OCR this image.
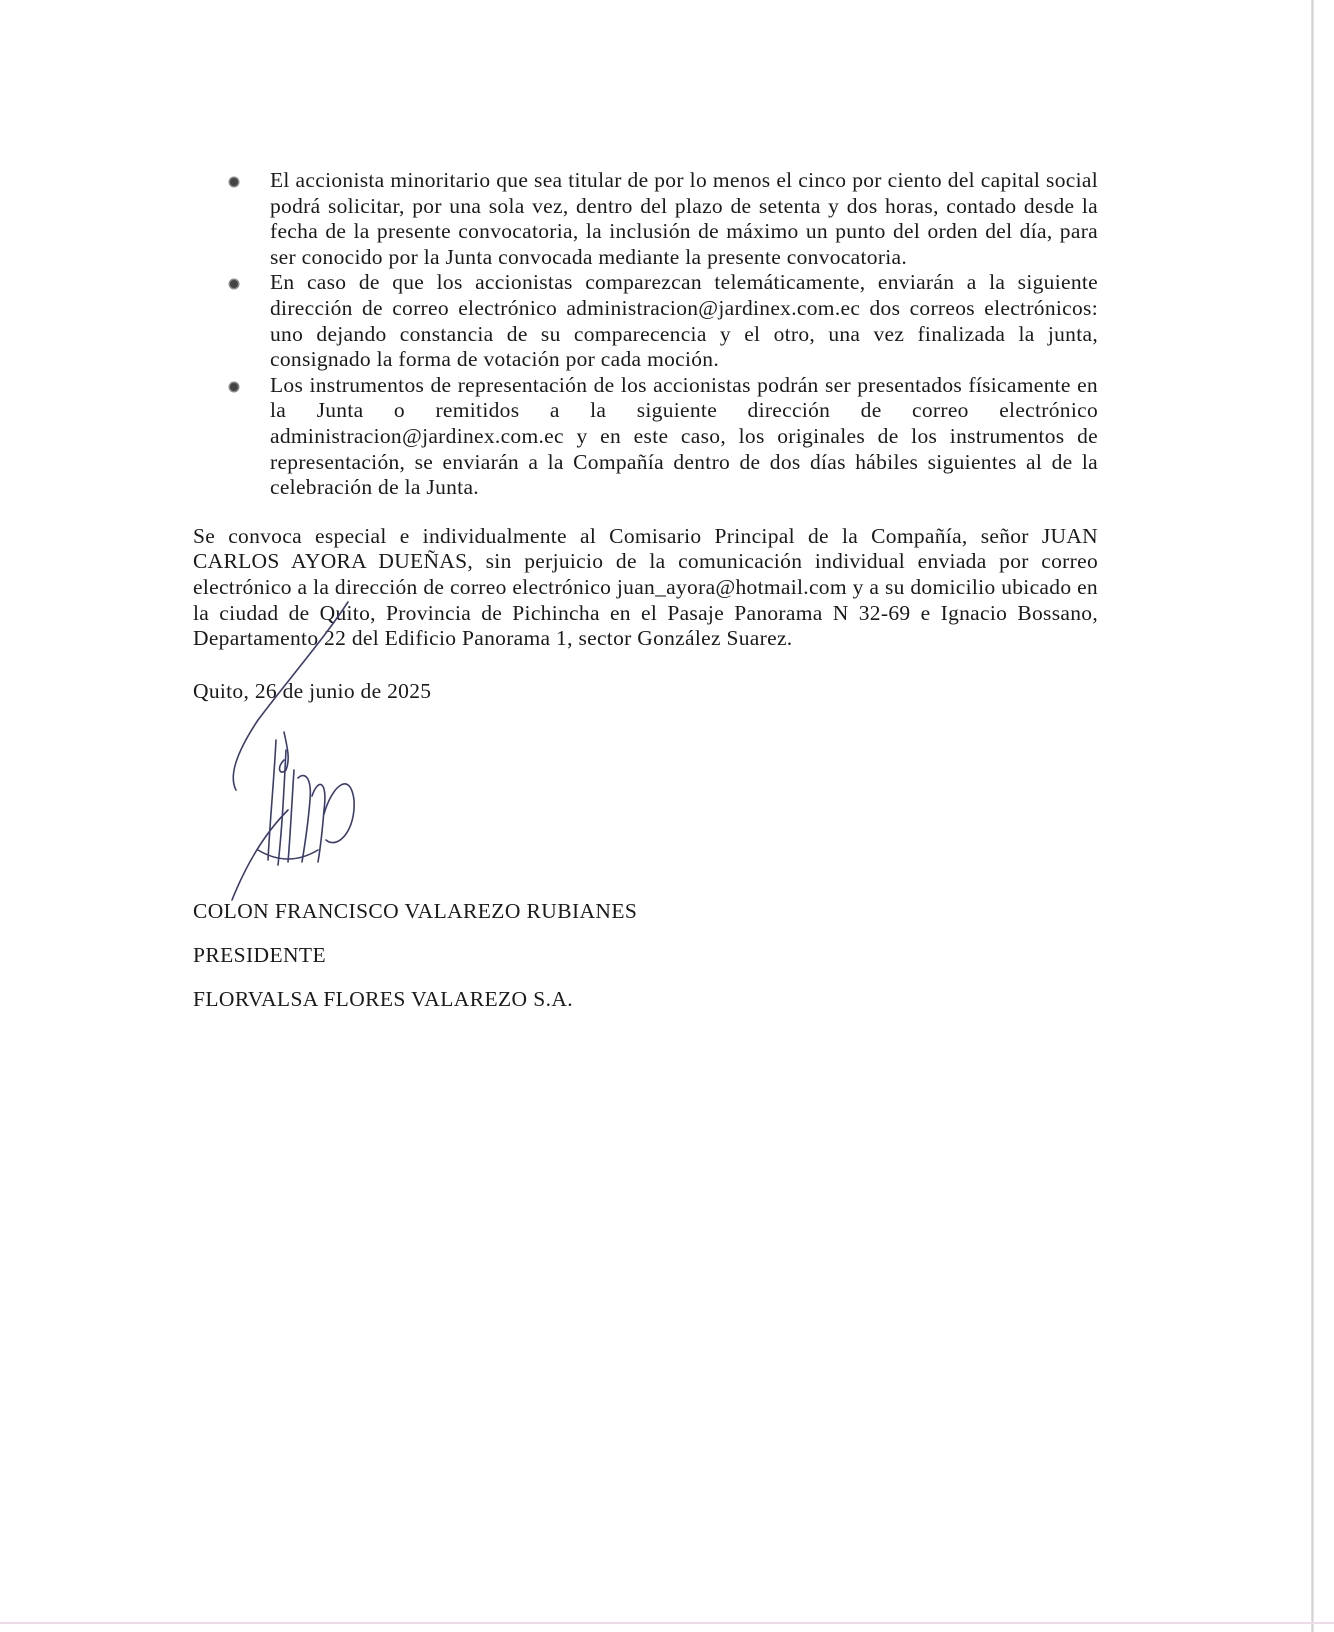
El accionista minoritario que sea titular de por lo menos el cinco por ciento del capital social podrá solicitar, por una sola vez, dentro del plazo de setenta y dos horas, contado desde la fecha de la presente convocatoria, la inclusión de máximo un punto del orden del día, para ser conocido por la Junta convocada mediante la presente convocatoria.
En caso de que los accionistas comparezcan telemáticamente, enviarán a la siguiente dirección de correo electrónico administracion@jardinex.com.ec dos correos electrónicos: uno dejando constancia de su comparecencia y el otro, una vez finalizada la junta, consignado la forma de votación por cada moción.
Los instrumentos de representación de los accionistas podrán ser presentados físicamente en la Junta o remitidos a la siguiente dirección de correo electrónico administracion@jardinex.com.ec y en este caso, los originales de los instrumentos de representación, se enviarán a la Compañía dentro de dos días hábiles siguientes al de la celebración de la Junta.

Se convoca especial e individualmente al Comisario Principal de la Compañía, señor JUAN CARLOS AYORA DUEÑAS, sin perjuicio de la comunicación individual enviada por correo electrónico a la dirección de correo electrónico juan_ayora@hotmail.com y a su domicilio ubicado en la ciudad de Quito, Provincia de Pichincha en el Pasaje Panorama N 32-69 e Ignacio Bossano, Departamento 22 del Edificio Panorama 1, sector González Suarez.

Quito, 26 de junio de 2025

COLON FRANCISCO VALAREZO RUBIANES
PRESIDENTE
FLORVALSA FLORES VALAREZO S.A.
